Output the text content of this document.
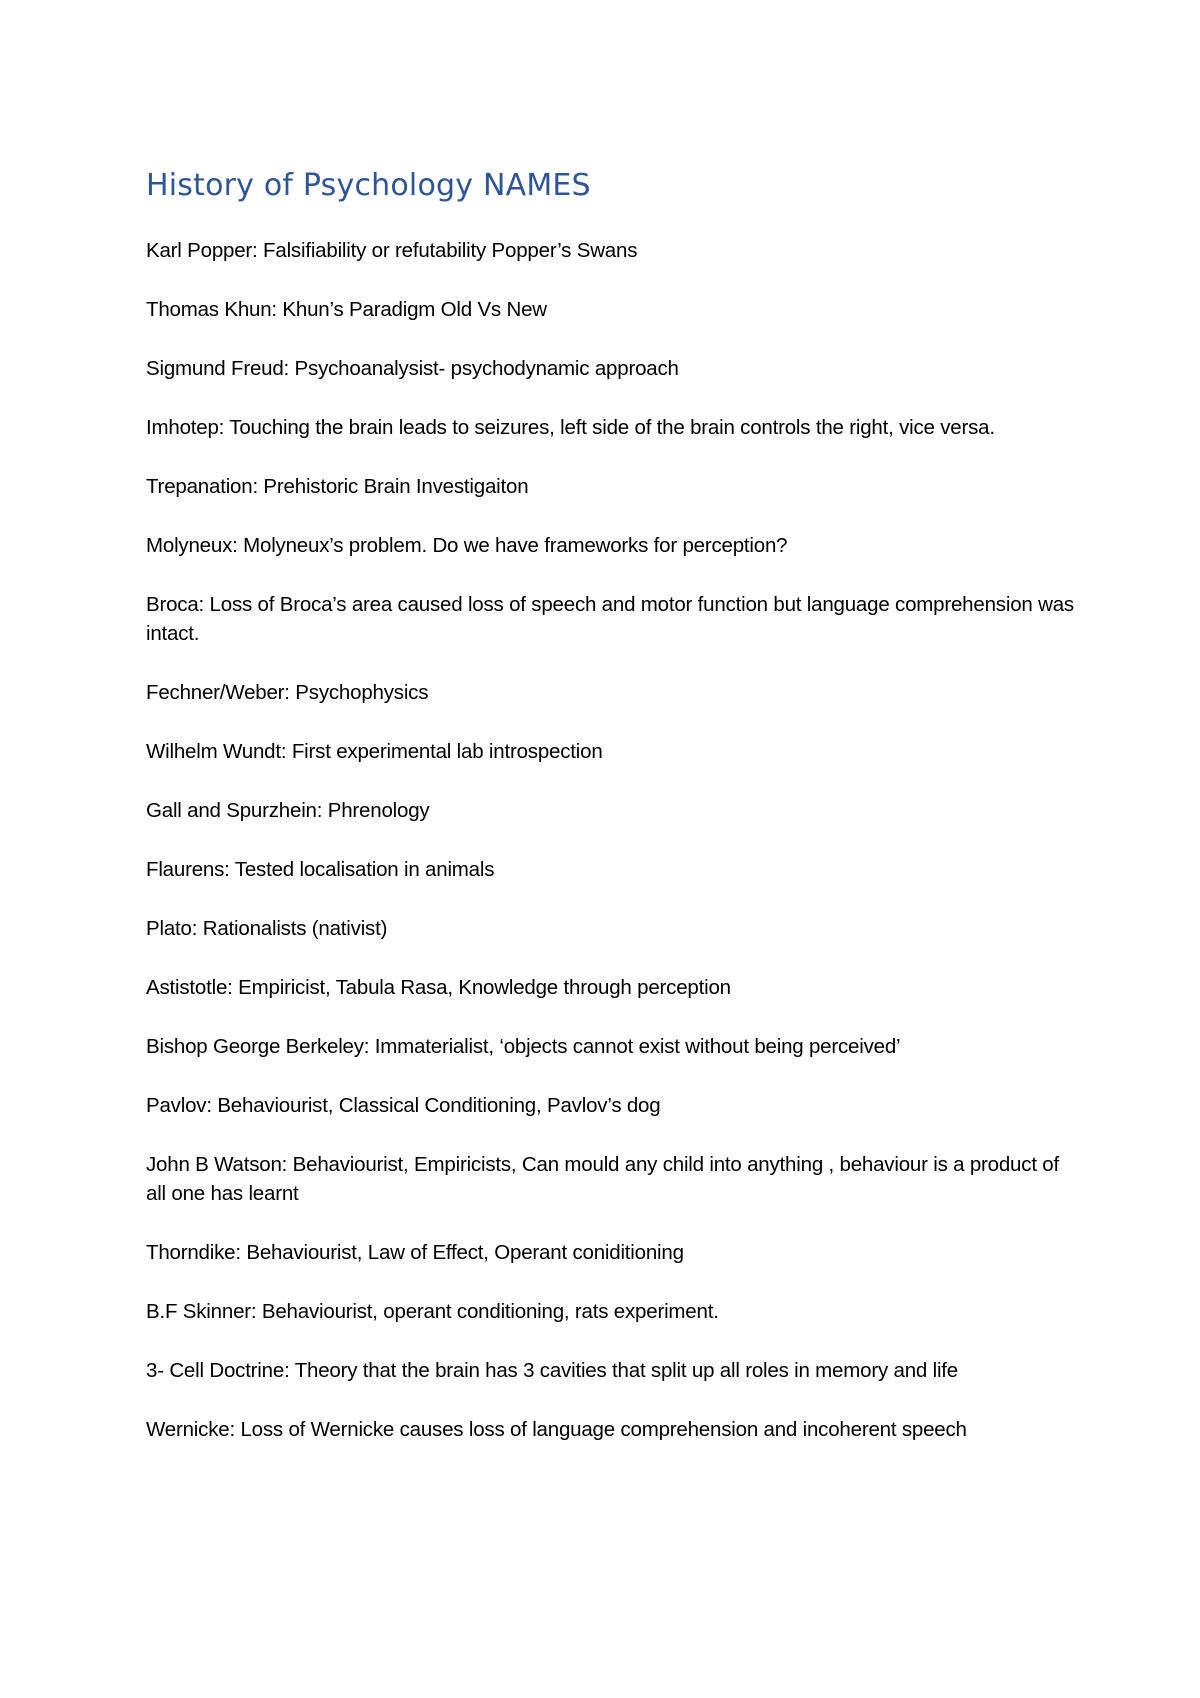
History of Psychology NAMES
Karl Popper: Falsifiability or refutability Popper’s Swans
Thomas Khun: Khun’s Paradigm Old Vs New
Sigmund Freud: Psychoanalysist- psychodynamic approach
Imhotep: Touching the brain leads to seizures, left side of the brain controls the right, vice versa.
Trepanation: Prehistoric Brain Investigaiton
Molyneux: Molyneux’s problem. Do we have frameworks for perception?
Broca: Loss of Broca’s area caused loss of speech and motor function but language comprehension was intact.
Fechner/Weber: Psychophysics
Wilhelm Wundt: First experimental lab introspection
Gall and Spurzhein: Phrenology
Flaurens: Tested localisation in animals
Plato: Rationalists (nativist)
Astistotle: Empiricist, Tabula Rasa, Knowledge through perception
Bishop George Berkeley: Immaterialist, ‘objects cannot exist without being perceived’
Pavlov: Behaviourist, Classical Conditioning, Pavlov’s dog
John B Watson: Behaviourist, Empiricists, Can mould any child into anything , behaviour is a product of all one has learnt
Thorndike: Behaviourist, Law of Effect, Operant coniditioning
B.F Skinner: Behaviourist, operant conditioning, rats experiment.
3- Cell Doctrine: Theory that the brain has 3 cavities that split up all roles in memory and life
Wernicke: Loss of Wernicke causes loss of language comprehension and incoherent speech
